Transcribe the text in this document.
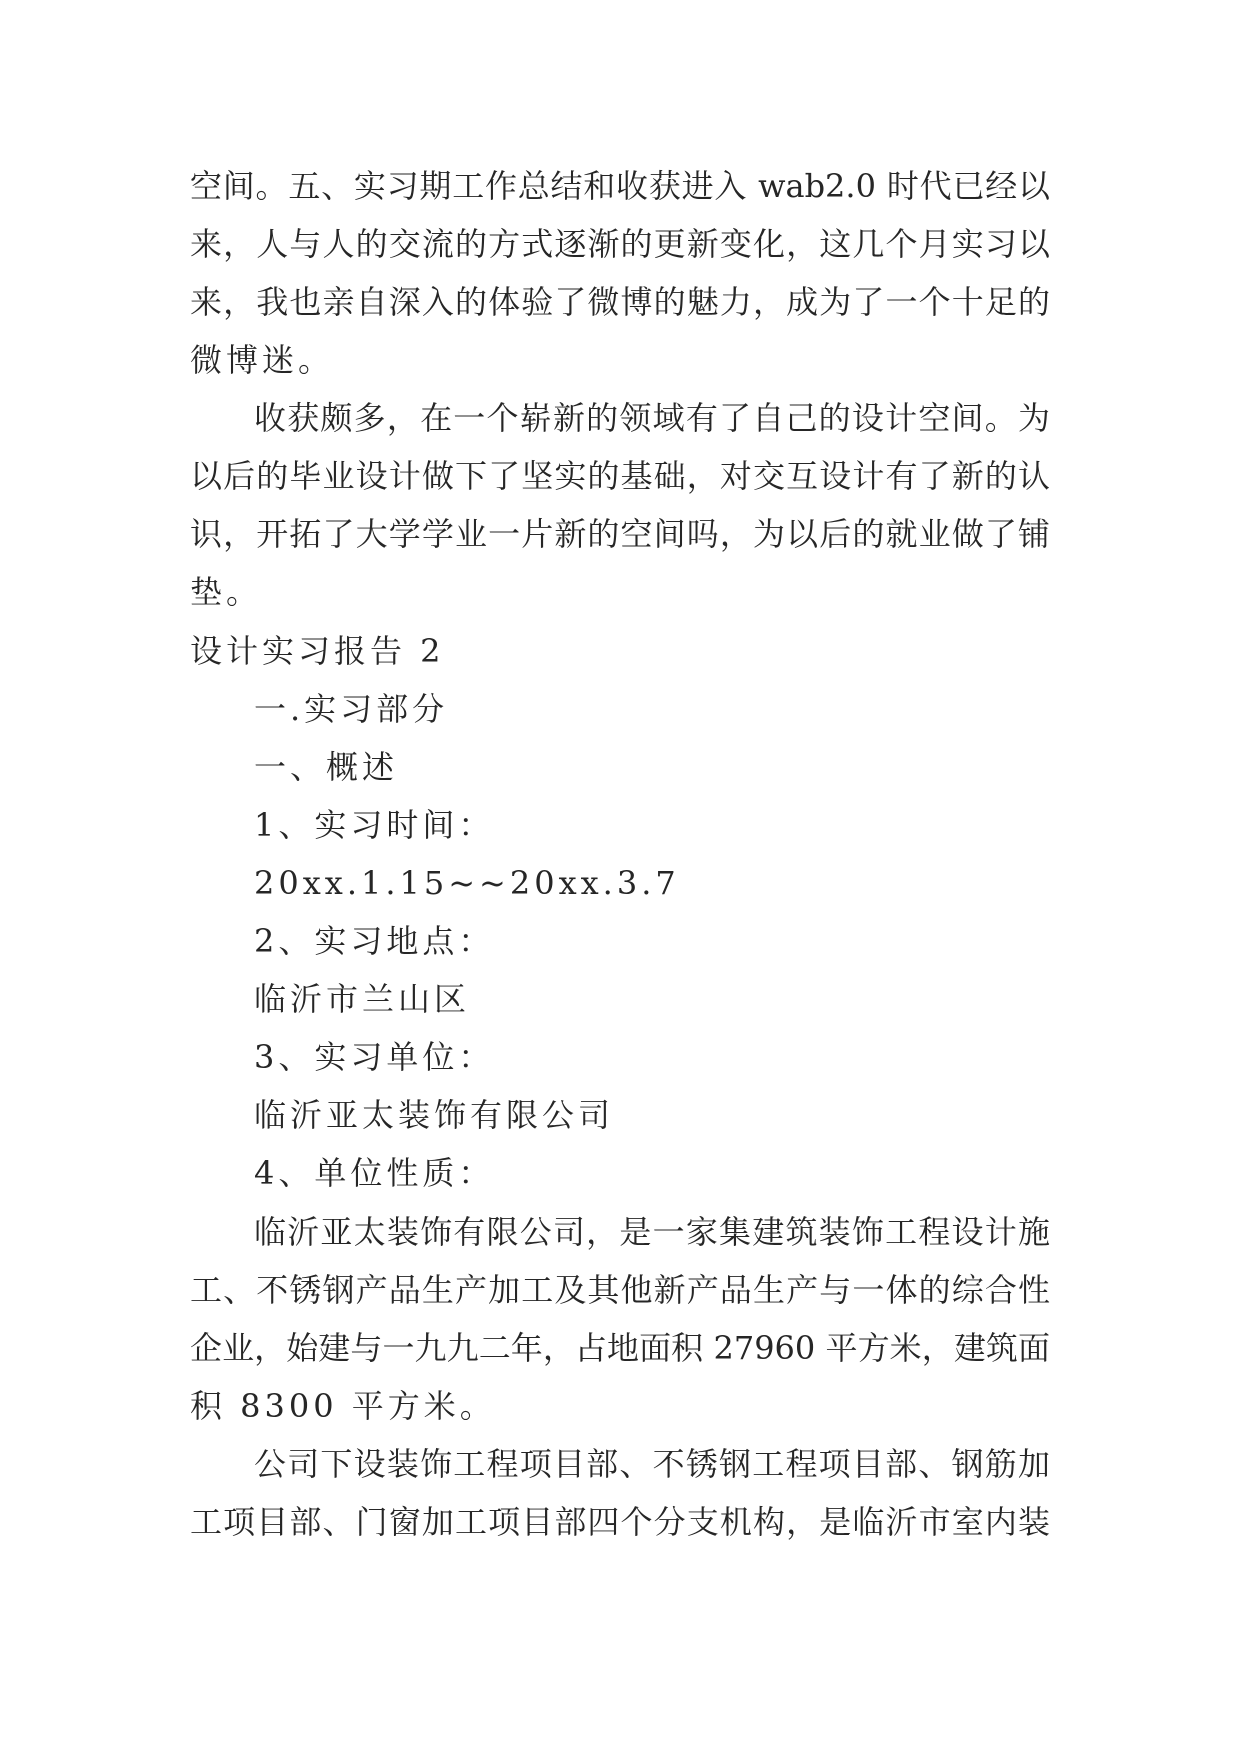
空间。五、实习期工作总结和收获进入 wab2.0 时代已经以
来，人与人的交流的方式逐渐的更新变化，这几个月实习以
来，我也亲自深入的体验了微博的魅力，成为了一个十足的
微博迷。
收获颇多，在一个崭新的领域有了自己的设计空间。为
以后的毕业设计做下了坚实的基础，对交互设计有了新的认
识，开拓了大学学业一片新的空间吗，为以后的就业做了铺
垫。
设计实习报告 2
一.实习部分
一、概述
1、实习时间：
20xx.1.15~~20xx.3.7
2、实习地点：
临沂市兰山区
3、实习单位：
临沂亚太装饰有限公司
4、单位性质：
临沂亚太装饰有限公司，是一家集建筑装饰工程设计施
工、不锈钢产品生产加工及其他新产品生产与一体的综合性
企业，始建与一九九二年，占地面积 27960 平方米，建筑面
积 8300 平方米。
公司下设装饰工程项目部、不锈钢工程项目部、钢筋加
工项目部、门窗加工项目部四个分支机构，是临沂市室内装
